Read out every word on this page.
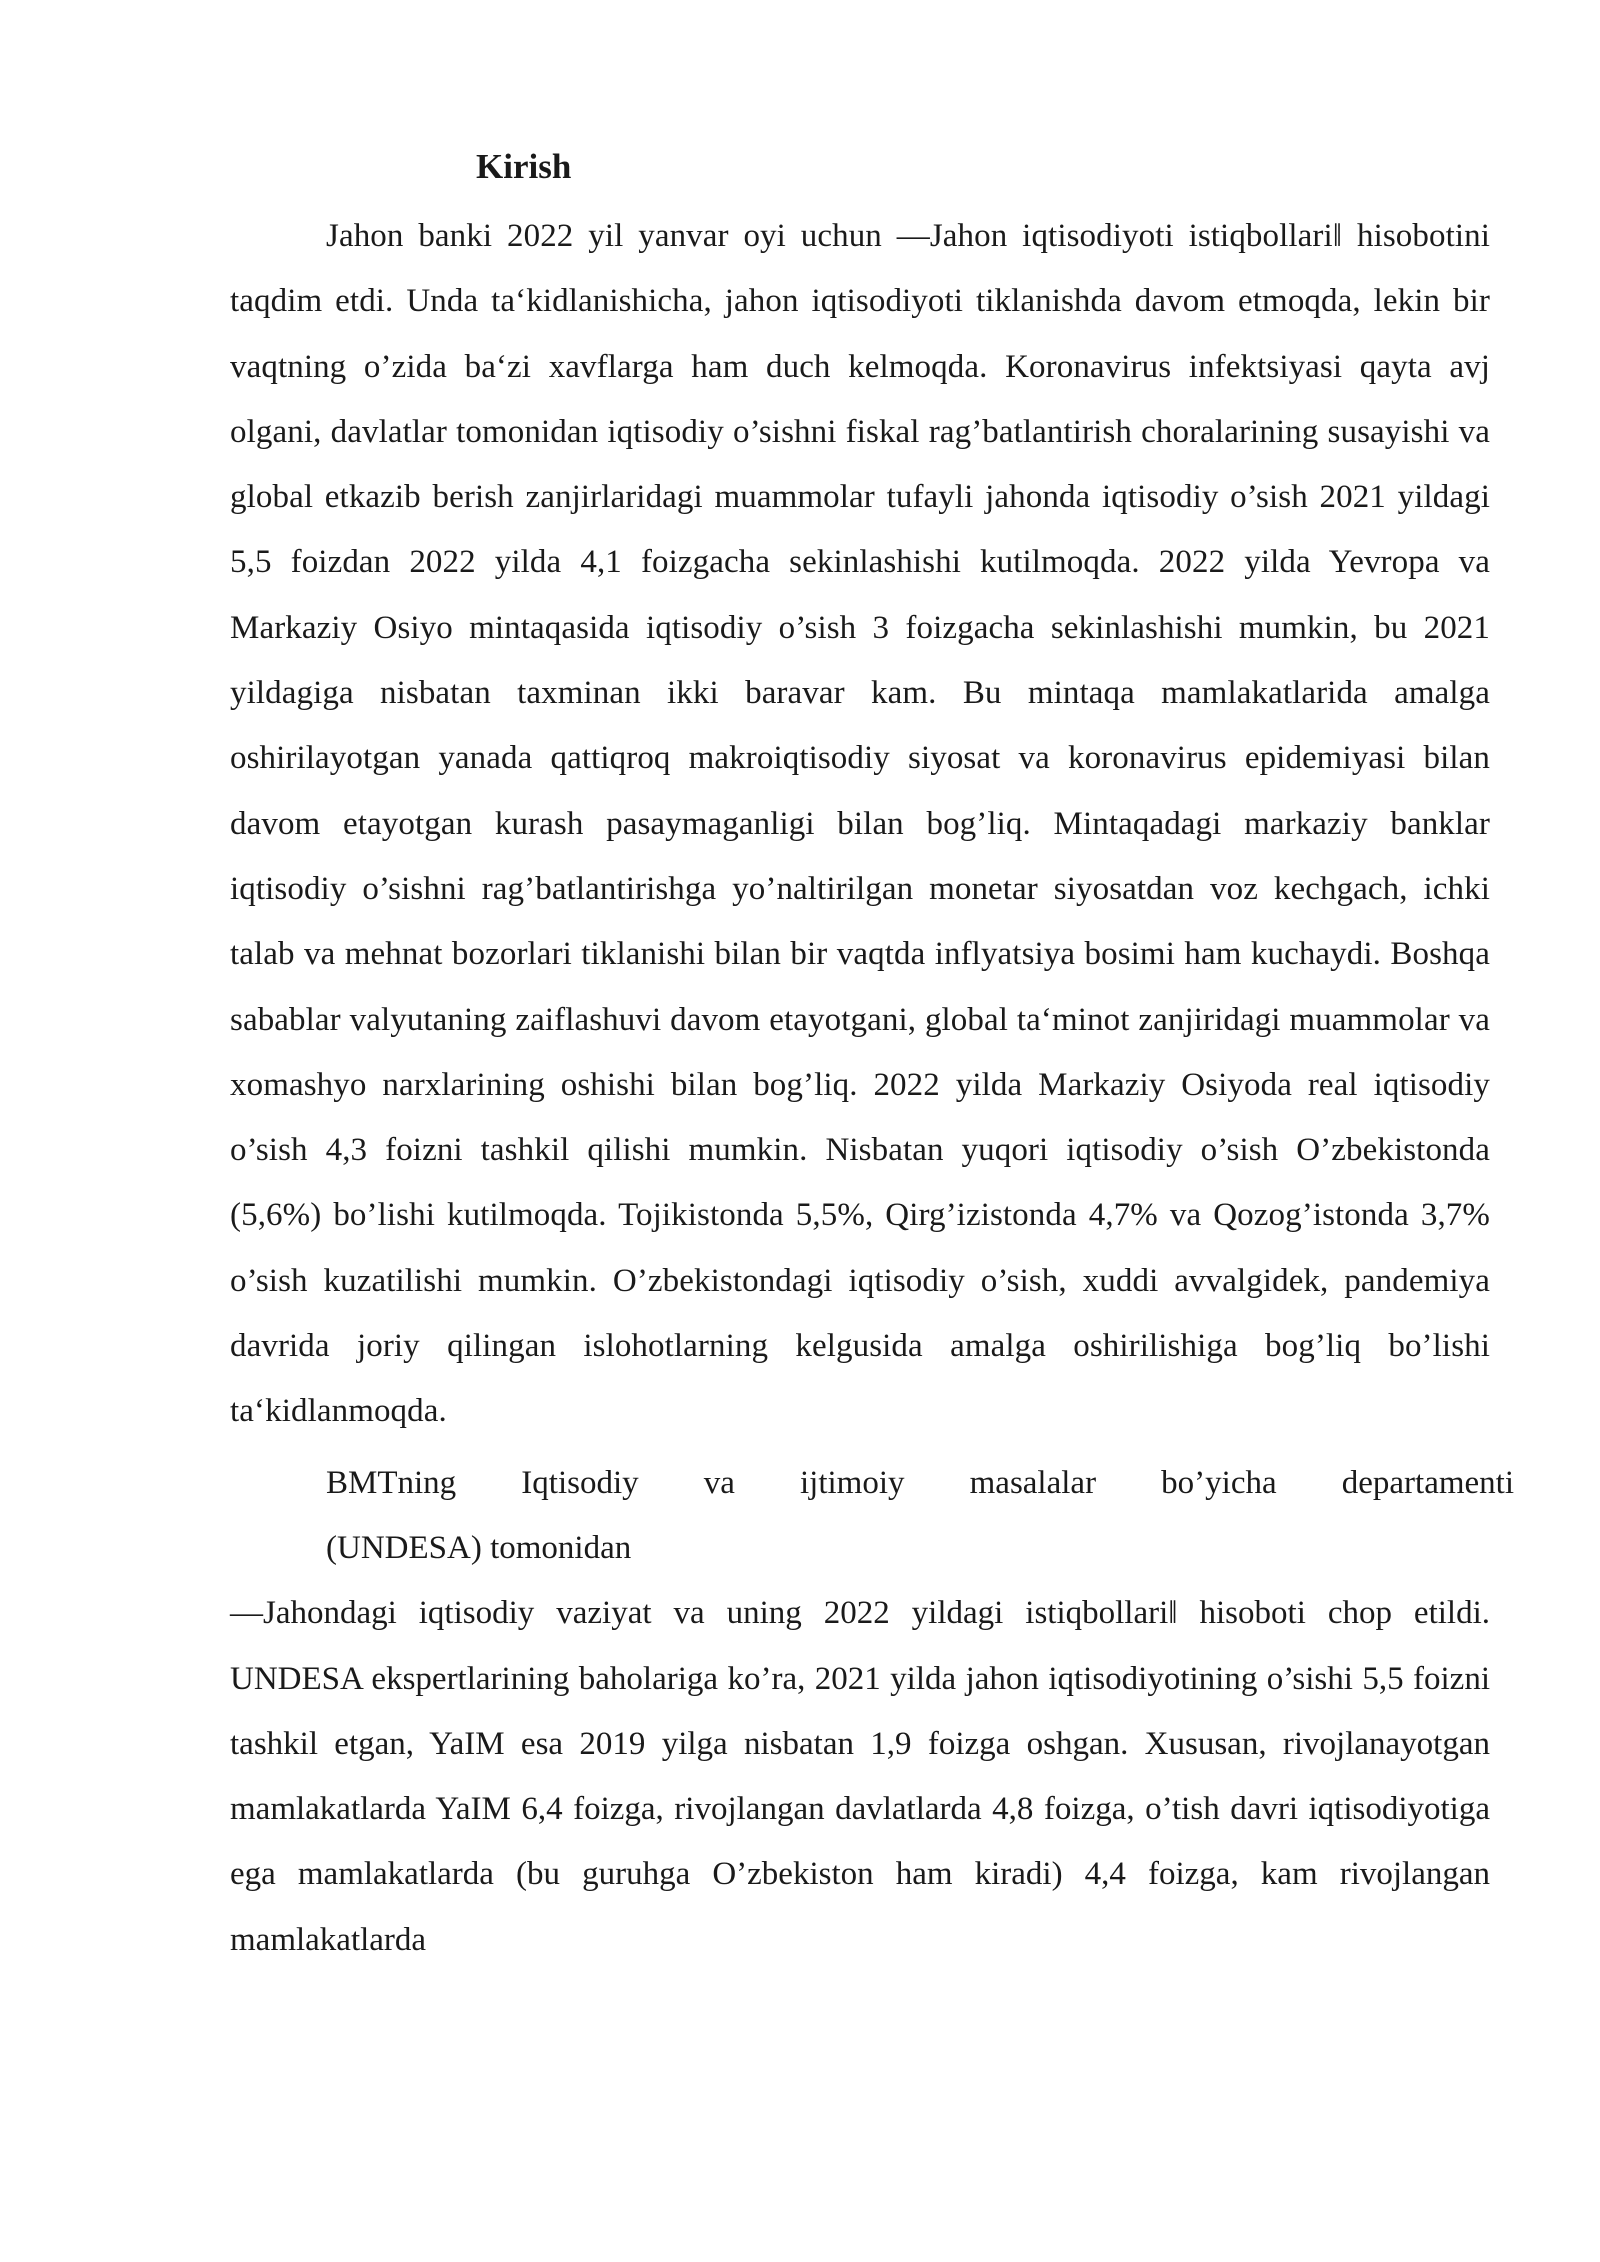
Kirish

Jahon banki 2022 yil yanvar oyi uchun ―Jahon iqtisodiyoti istiqbollari‖ hisobotini taqdim etdi. Unda ta‘kidlanishicha, jahon iqtisodiyoti tiklanishda davom etmoqda, lekin bir vaqtning o’zida ba‘zi xavflarga ham duch kelmoqda. Koronavirus infektsiyasi qayta avj olgani, davlatlar tomonidan iqtisodiy o’sishni fiskal rag’batlantirish choralarining susayishi va global etkazib berish zanjirlaridagi muammolar tufayli jahonda iqtisodiy o’sish 2021 yildagi 5,5 foizdan 2022 yilda 4,1 foizgacha sekinlashishi kutilmoqda. 2022 yilda Yevropa va Markaziy Osiyo mintaqasida iqtisodiy o’sish 3 foizgacha sekinlashishi mumkin, bu 2021 yildagiga nisbatan taxminan ikki baravar kam. Bu mintaqa mamlakatlarida amalga oshirilayotgan yanada qattiqroq makroiqtisodiy siyosat va koronavirus epidemiyasi bilan davom etayotgan kurash pasaymaganligi bilan bog’liq. Mintaqadagi markaziy banklar iqtisodiy o’sishni rag’batlantirishga yo’naltirilgan monetar siyosatdan voz kechgach, ichki talab va mehnat bozorlari tiklanishi bilan bir vaqtda inflyatsiya bosimi ham kuchaydi. Boshqa sabablar valyutaning zaiflashuvi davom etayotgani, global ta‘minot zanjiridagi muammolar va xomashyo narxlarining oshishi bilan bog’liq. 2022 yilda Markaziy Osiyoda real iqtisodiy o’sish 4,3 foizni tashkil qilishi mumkin. Nisbatan yuqori iqtisodiy o’sish O’zbekistonda (5,6%) bo’lishi kutilmoqda. Tojikistonda 5,5%, Qirg’izistonda 4,7% va Qozog’istonda 3,7% o’sish kuzatilishi mumkin. O’zbekistondagi iqtisodiy o’sish, xuddi avvalgidek, pandemiya davrida joriy qilingan islohotlarning kelgusida amalga oshirilishiga bog’liq bo’lishi ta‘kidlanmoqda.

BMTning Iqtisodiy va ijtimoiy masalalar bo’yicha departamenti
(UNDESA) tomonidan

―Jahondagi iqtisodiy vaziyat va uning 2022 yildagi istiqbollari‖ hisoboti chop etildi. UNDESA ekspertlarining baholariga ko’ra, 2021 yilda jahon iqtisodiyotining o’sishi 5,5 foizni tashkil etgan, YaIM esa 2019 yilga nisbatan 1,9 foizga oshgan. Xususan, rivojlanayotgan mamlakatlarda YaIM 6,4 foizga, rivojlangan davlatlarda 4,8 foizga, o’tish davri iqtisodiyotiga ega mamlakatlarda (bu guruhga O’zbekiston ham kiradi) 4,4 foizga, kam rivojlangan mamlakatlarda
